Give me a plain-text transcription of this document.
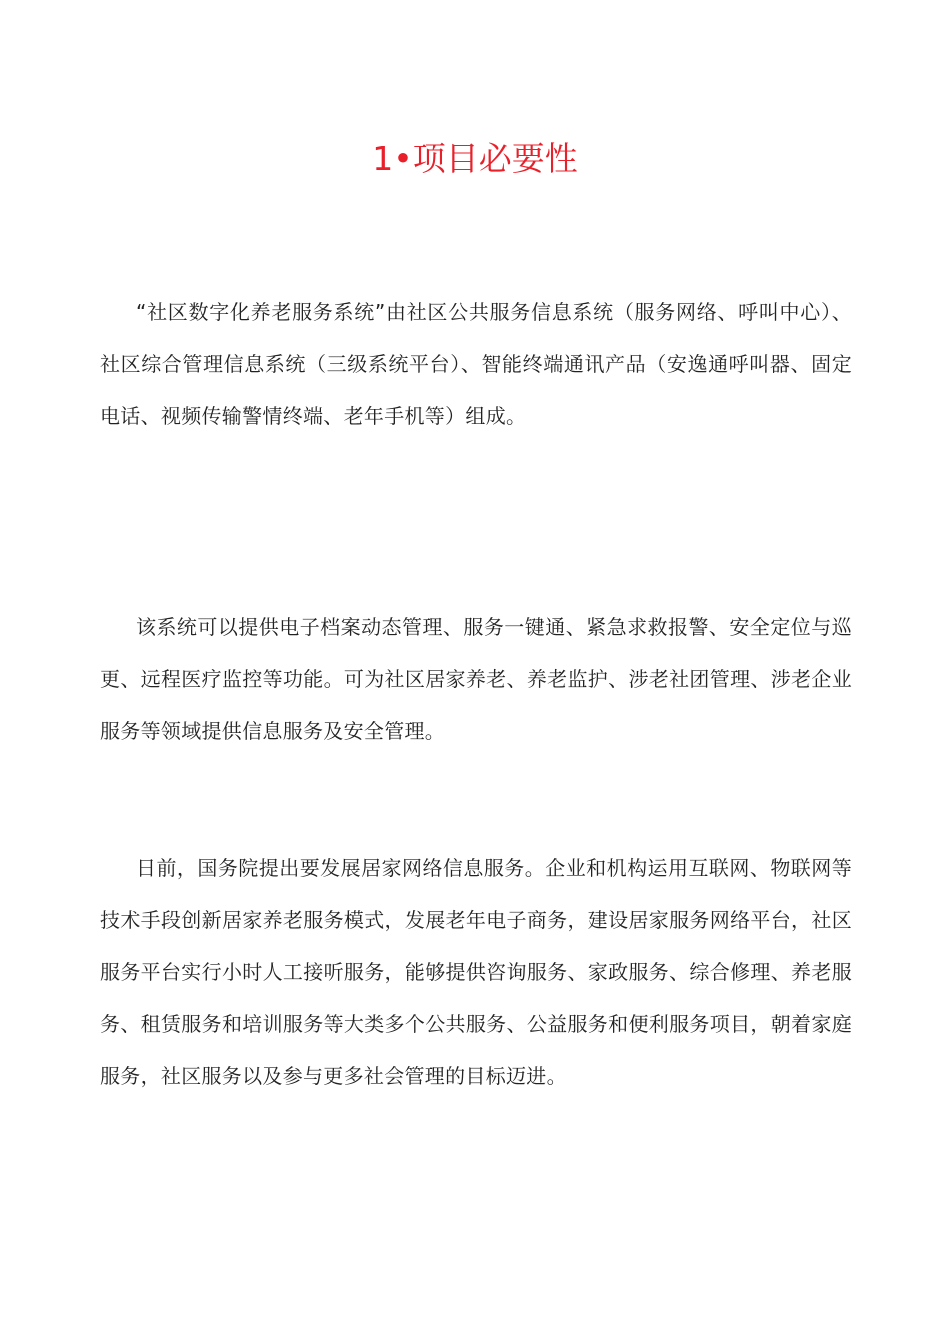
1•项目必要性

“社区数字化养老服务系统”由社区公共服务信息系统（服务网络、呼叫中心）、社区综合管理信息系统（三级系统平台）、智能终端通讯产品（安逸通呼叫器、固定电话、视频传输警情终端、老年手机等）组成。

该系统可以提供电子档案动态管理、服务一键通、紧急求救报警、安全定位与巡更、远程医疗监控等功能。可为社区居家养老、养老监护、涉老社团管理、涉老企业服务等领域提供信息服务及安全管理。

日前，国务院提出要发展居家网络信息服务。企业和机构运用互联网、物联网等技术手段创新居家养老服务模式，发展老年电子商务，建设居家服务网络平台，社区服务平台实行小时人工接听服务，能够提供咨询服务、家政服务、综合修理、养老服务、租赁服务和培训服务等大类多个公共服务、公益服务和便利服务项目，朝着家庭服务，社区服务以及参与更多社会管理的目标迈进。
